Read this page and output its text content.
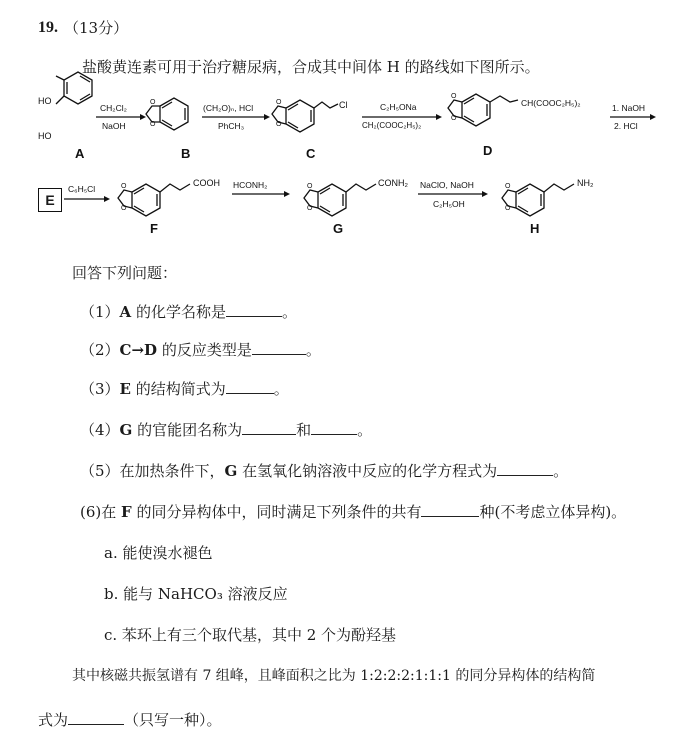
19. （13分）
盐酸黄连素可用于治疗糖尿病，合成其中间体 H 的路线如下图所示。
HO
HO
A
CH₂Cl₂
NaOH
O
O
B
(CH₂O)ₙ, HCl
PhCH₃
O
O
Cl
C
C₂H₅ONa
CH₂(COOC₂H₅)₂
O
O
CH(COOC₂H₅)₂
D
1. NaOH
2. HCl
E
C₆H₅Cl	O
O
COOH
F
HCONH₂	O
O
CONH₂
G
NaClO, NaOH
C₂H₅OH
O
O
NH₂
H
回答下列问题：
（1）A 的化学名称是	。
（2）C→D 的反应类型是	。
（3）E 的结构简式为	。
（4）G 的官能团名称为	和	。
（5）在加热条件下，G 在氢氧化钠溶液中反应的化学方程式为	。
(6)在 F 的同分异构体中，同时满足下列条件的共有	种(不考虑立体异构)。
a. 能使溴水褪色
b. 能与 NaHCO₃ 溶液反应
c. 苯环上有三个取代基，其中 2 个为酚羟基
其中核磁共振氢谱有 7 组峰，且峰面积之比为 1:2:2:2:1:1:1 的同分异构体的结构简
式为	（只写一种）。
